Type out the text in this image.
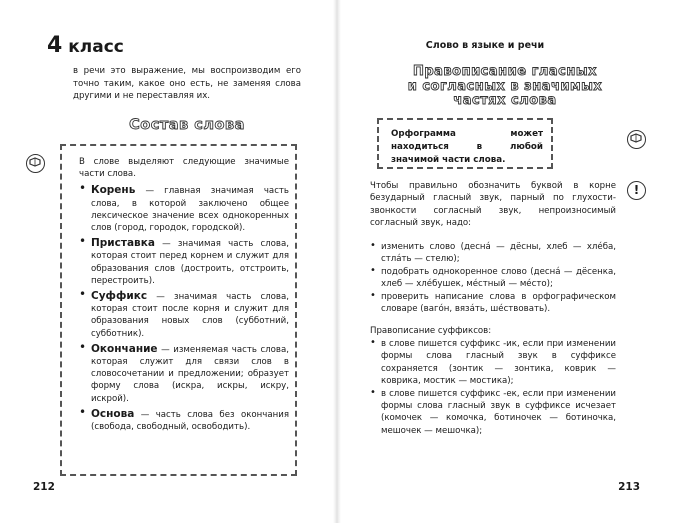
4 класс

в речи это выражение, мы воспроизводим его точно таким, какое оно есть, не заменяя слова другими и не переставляя их.

Состав слова

В слове выделяют следующие значимые части слова.

• Корень — главная значимая часть слова, в которой заключено общее лексическое значение всех однокоренных слов (город, городок, городской).
• Приставка — значимая часть слова, которая стоит перед корнем и служит для образования слов (достроить, отстроить, перестроить).
• Суффикс — значимая часть слова, которая стоит после корня и служит для образования новых слов (субботний, субботник).
• Окончание — изменяемая часть слова, которая служит для связи слов в словосочетании и предложении; образует форму слова (искра, искры, искру, искрой).
• Основа — часть слова без окончания (свобода, свободный, освободить).
212
Слово в языке и речи
Правописание гласных
и согласных в значимых
частях слова
Орфограмма может находиться в любой значимой части слова.
!

Чтобы правильно обозначить буквой в корне безударный гласный звук, парный по глухости-звонкости согласный звук, непроизносимый согласный звук, надо:

• изменить слово (деснá — дёсны, хлеб — хлéба, стлáть — стелю);
• подобрать однокоренное слово (деснá — дёсенка, хлеб — хлéбушек, мéстный — мéсто);
• проверить написание слова в орфографическом словаре (вагóн, вязáть, шéствовать).

Правописание суффиксов:

• в слове пишется суффикс -ик, если при изменении формы слова гласный звук в суффиксе сохраняется (зонтик — зонтика, коврик — коврика, мостик — мостика);
• в слове пишется суффикс -ек, если при изменении формы слова гласный звук в суффиксе исчезает (комочек — комочка, ботиночек — ботиночка, мешочек — мешочка);
213
